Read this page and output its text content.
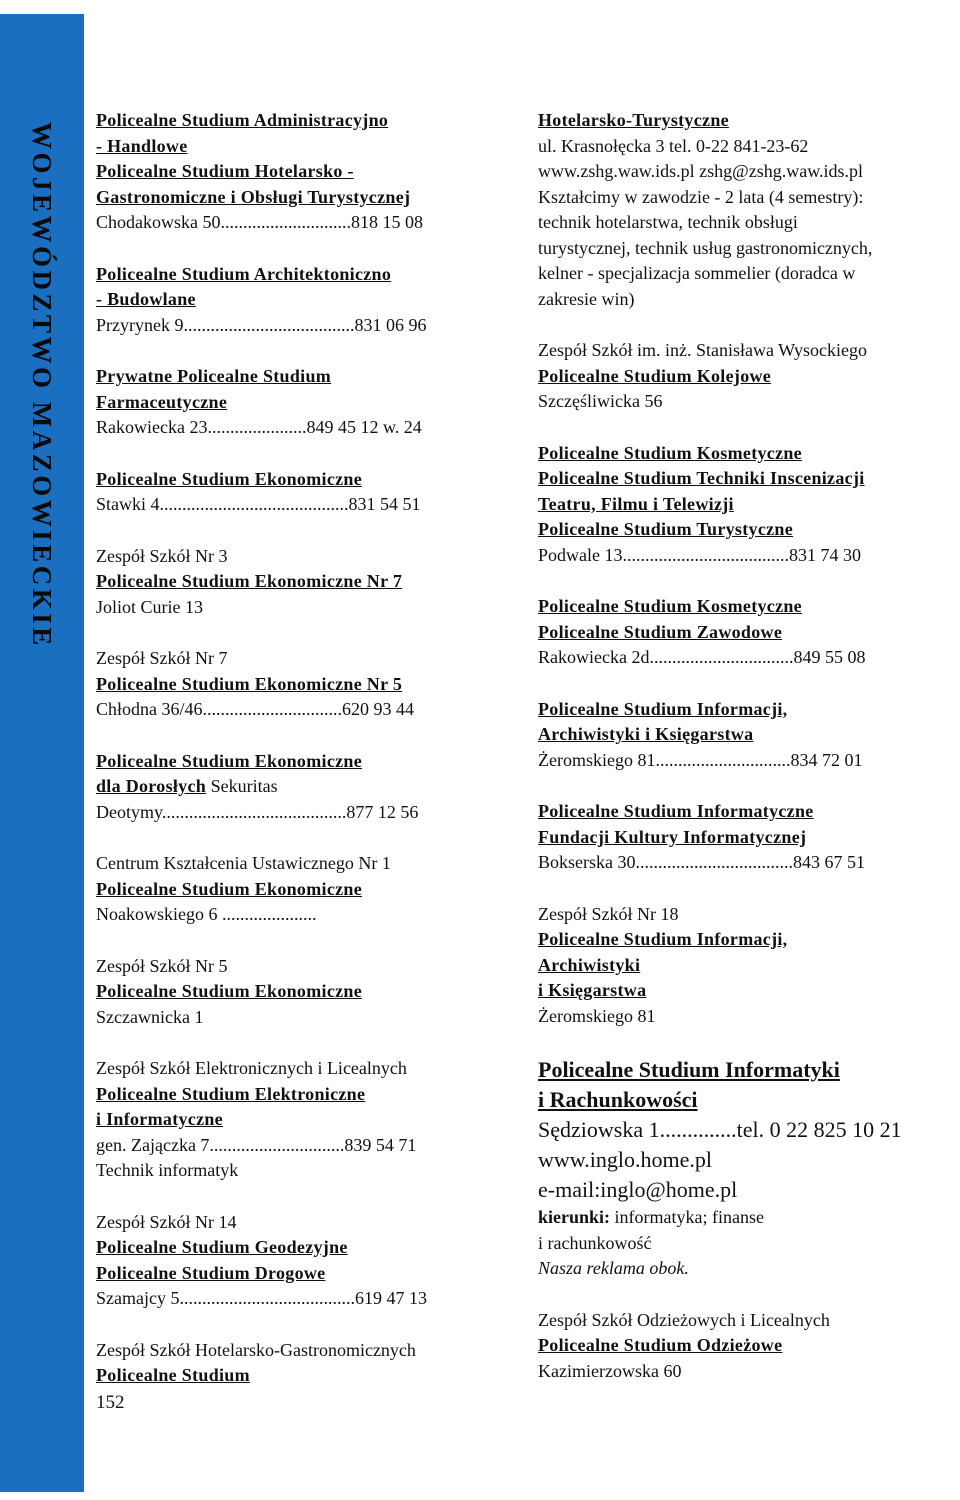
WOJEWÓDZTWO MAZOWIECKIE
Policealne Studium Administracyjno
- Handlowe
Policealne Studium Hotelarsko -
Gastronomiczne i Obsługi Turystycznej
Chodakowska 50.............................818 15 08
Policealne Studium Architektoniczno
- Budowlane
Przyrynek 9......................................831 06 96
Prywatne Policealne Studium
Farmaceutyczne
Rakowiecka 23......................849 45 12 w. 24
Policealne Studium Ekonomiczne
Stawki 4..........................................831 54 51
Zespół Szkół Nr 3
Policealne Studium Ekonomiczne Nr 7
Joliot Curie 13
Zespół Szkół Nr 7
Policealne Studium Ekonomiczne Nr 5
Chłodna 36/46...............................620 93 44
Policealne Studium Ekonomiczne
dla Dorosłych Sekuritas
Deotymy.........................................877 12 56
Centrum Kształcenia Ustawicznego Nr 1
Policealne Studium Ekonomiczne
Noakowskiego 6 .....................
Zespół Szkół Nr 5
Policealne Studium Ekonomiczne
Szczawnicka 1
Zespół Szkół Elektronicznych i Licealnych
Policealne Studium Elektroniczne
i Informatyczne
gen. Zajączka 7..............................839 54 71
Technik informatyk
Zespół Szkół Nr 14
Policealne Studium Geodezyjne
Policealne Studium Drogowe
Szamajcy 5.......................................619 47 13
Zespół Szkół Hotelarsko-Gastronomicznych
Policealne Studium
152
Hotelarsko-Turystyczne
ul. Krasnołęcka 3 tel. 0-22 841-23-62
www.zshg.waw.ids.pl zshg@zshg.waw.ids.pl
Kształcimy w zawodzie - 2 lata (4 semestry):
technik hotelarstwa, technik obsługi
turystycznej, technik usług gastronomicznych,
kelner - specjalizacja sommelier (doradca w
zakresie win)
Zespół Szkół im. inż. Stanisława Wysockiego
Policealne Studium Kolejowe
Szczęśliwicka 56
Policealne Studium Kosmetyczne
Policealne Studium Techniki Inscenizacji
Teatru, Filmu i Telewizji
Policealne Studium Turystyczne
Podwale 13.....................................831 74 30
Policealne Studium Kosmetyczne
Policealne Studium Zawodowe
Rakowiecka 2d................................849 55 08
Policealne Studium Informacji,
Archiwistyki i Księgarstwa
Żeromskiego 81..............................834 72 01
Policealne Studium Informatyczne
Fundacji Kultury Informatycznej
Bokserska 30...................................843 67 51
Zespół Szkół Nr 18
Policealne Studium Informacji,
Archiwistyki
i Księgarstwa
Żeromskiego 81
Policealne Studium Informatyki
i Rachunkowości
Sędziowska 1..............tel. 0 22 825 10 21
www.inglo.home.pl
e-mail:inglo@home.pl
kierunki: informatyka; finanse
i rachunkowość
Nasza reklama obok.
Zespół Szkół Odzieżowych i Licealnych
Policealne Studium Odzieżowe
Kazimierzowska 60
